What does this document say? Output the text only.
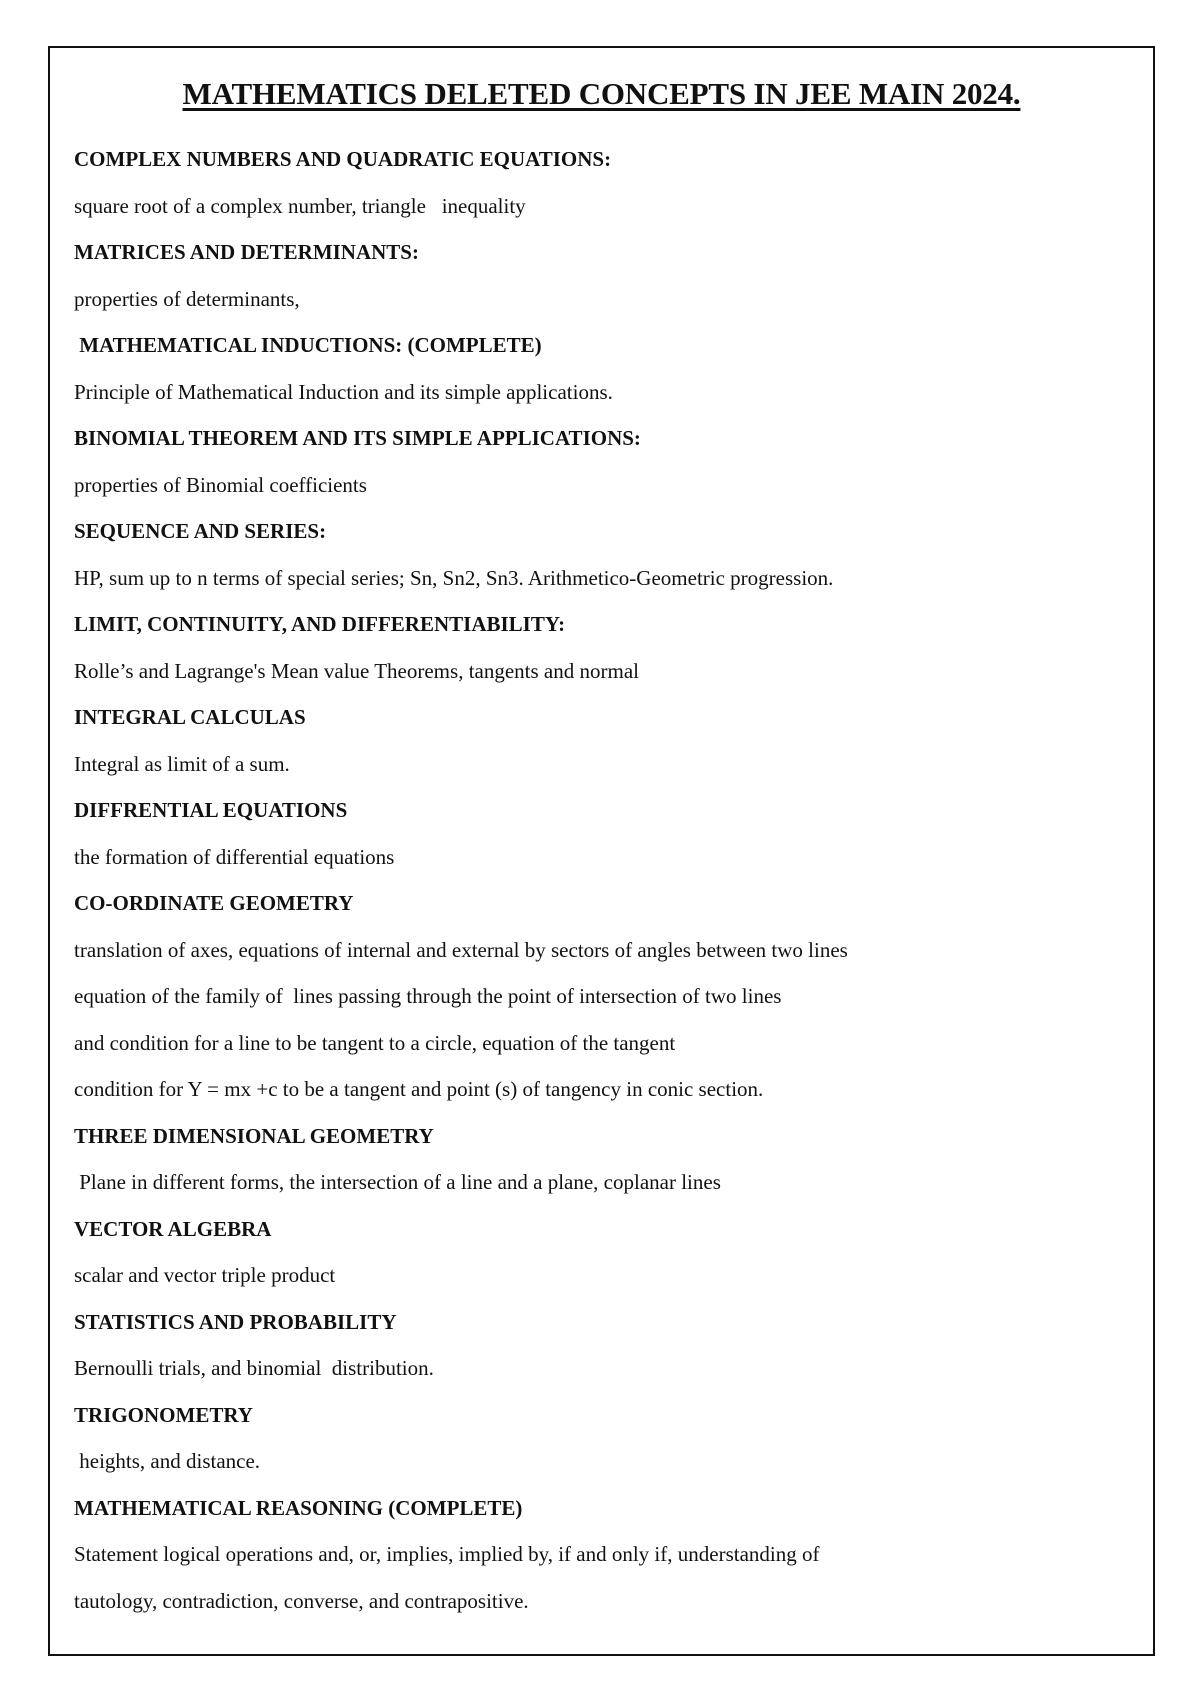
MATHEMATICS DELETED CONCEPTS IN JEE MAIN 2024.
COMPLEX NUMBERS AND QUADRATIC EQUATIONS:
square root of a complex number, triangle   inequality
MATRICES AND DETERMINANTS:
properties of determinants,
MATHEMATICAL INDUCTIONS: (COMPLETE)
Principle of Mathematical Induction and its simple applications.
BINOMIAL THEOREM AND ITS SIMPLE APPLICATIONS:
properties of Binomial coefficients
SEQUENCE AND SERIES:
HP, sum up to n terms of special series; Sn, Sn2, Sn3. Arithmetico-Geometric progression.
LIMIT, CONTINUITY, AND DIFFERENTIABILITY:
Rolle’s and Lagrange's Mean value Theorems, tangents and normal
INTEGRAL CALCULAS
Integral as limit of a sum.
DIFFRENTIAL EQUATIONS
the formation of differential equations
CO-ORDINATE GEOMETRY
translation of axes, equations of internal and external by sectors of angles between two lines
equation of the family of  lines passing through the point of intersection of two lines
and condition for a line to be tangent to a circle, equation of the tangent
condition for Y = mx +c to be a tangent and point (s) of tangency in conic section.
THREE DIMENSIONAL GEOMETRY
Plane in different forms, the intersection of a line and a plane, coplanar lines
VECTOR ALGEBRA
scalar and vector triple product
STATISTICS AND PROBABILITY
Bernoulli trials, and binomial  distribution.
TRIGONOMETRY
heights, and distance.
MATHEMATICAL REASONING (COMPLETE)
Statement logical operations and, or, implies, implied by, if and only if, understanding of
tautology, contradiction, converse, and contrapositive.
